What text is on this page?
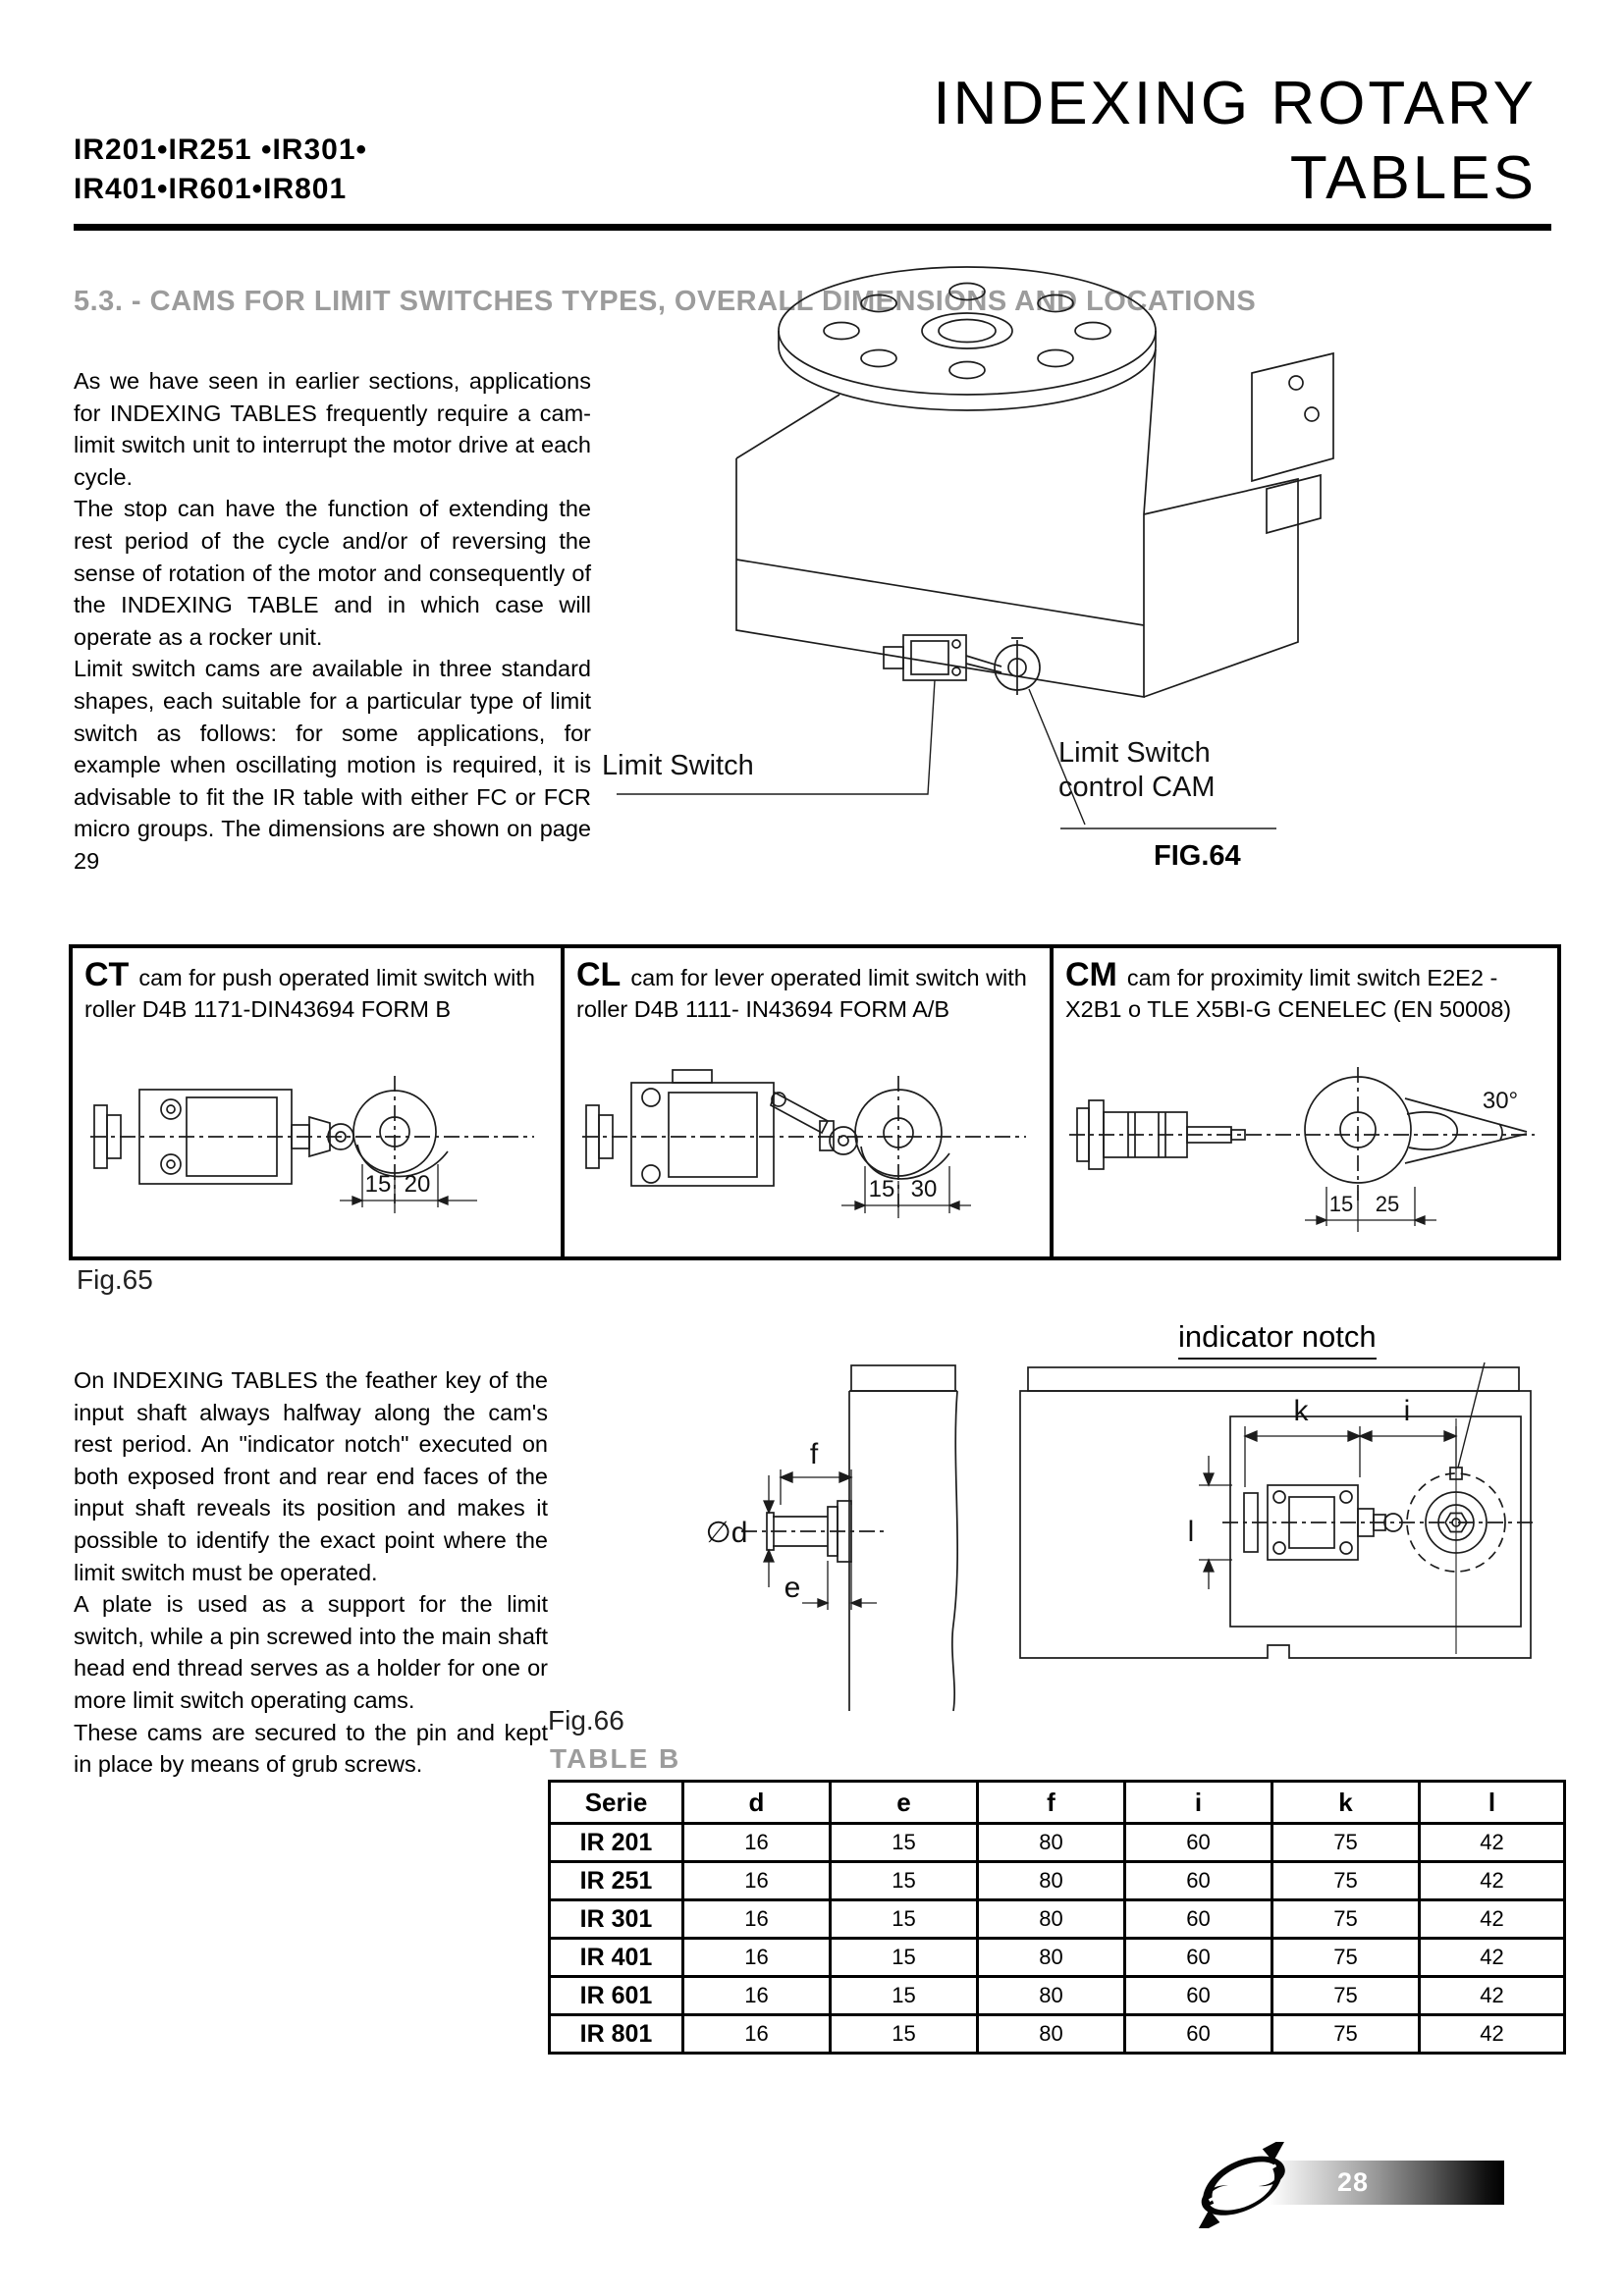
IR201•IR251 •IR301•
IR401•IR601•IR801
INDEXING ROTARY
TABLES
5.3. - CAMS FOR LIMIT SWITCHES TYPES, OVERALL DIMENSIONS AND LOCATIONS
As we have seen in earlier sections, applications for INDEXING TABLES frequently require a cam-limit switch unit to interrupt the motor drive at each cycle.
The stop can have the function of extending the rest period of the cycle and/or of reversing the sense of rotation of the motor and consequently of the INDEXING TABLE and in which case will operate as a rocker unit.
Limit switch cams are available in three standard shapes, each suitable for a particular type of limit switch as follows: for some applications, for example when oscillating motion is required, it is advisable to fit the IR table with either FC or FCR micro groups. The dimensions are shown on page 29
Limit Switch	Limit Switch
control CAM
FIG.64
CT cam for push operated limit switch with roller D4B 1171-DIN43694 FORM B
15 20
CL cam for lever operated limit switch with roller D4B 1111- IN43694 FORM A/B
15 30
CM cam for proximity limit switch E2E2 - X2B1 o TLE X5BI-G CENELEC (EN 50008)
30°
15 25
Fig.65
On INDEXING TABLES the feather key of the input shaft always halfway along the cam's rest period. An "indicator notch" executed on both exposed front and rear end faces of the input shaft reveals its position and makes it possible to identify the exact point where the limit switch must be operated.
A plate is used as a support for the limit switch, while a pin screwed into the main shaft head end thread serves as a holder for one or more limit switch operating cams.
These cams are secured to the pin and kept in place by means of grub screws.
indicator notch
f
∅d
e
k	i
l
Fig.66
TABLE B
Serie	d	e	f	i	k	l
IR 201	16	15	80	60	75	42
IR 251	16	15	80	60	75	42
IR 301	16	15	80	60	75	42
IR 401	16	15	80	60	75	42
IR 601	16	15	80	60	75	42
IR 801	16	15	80	60	75	42
28
